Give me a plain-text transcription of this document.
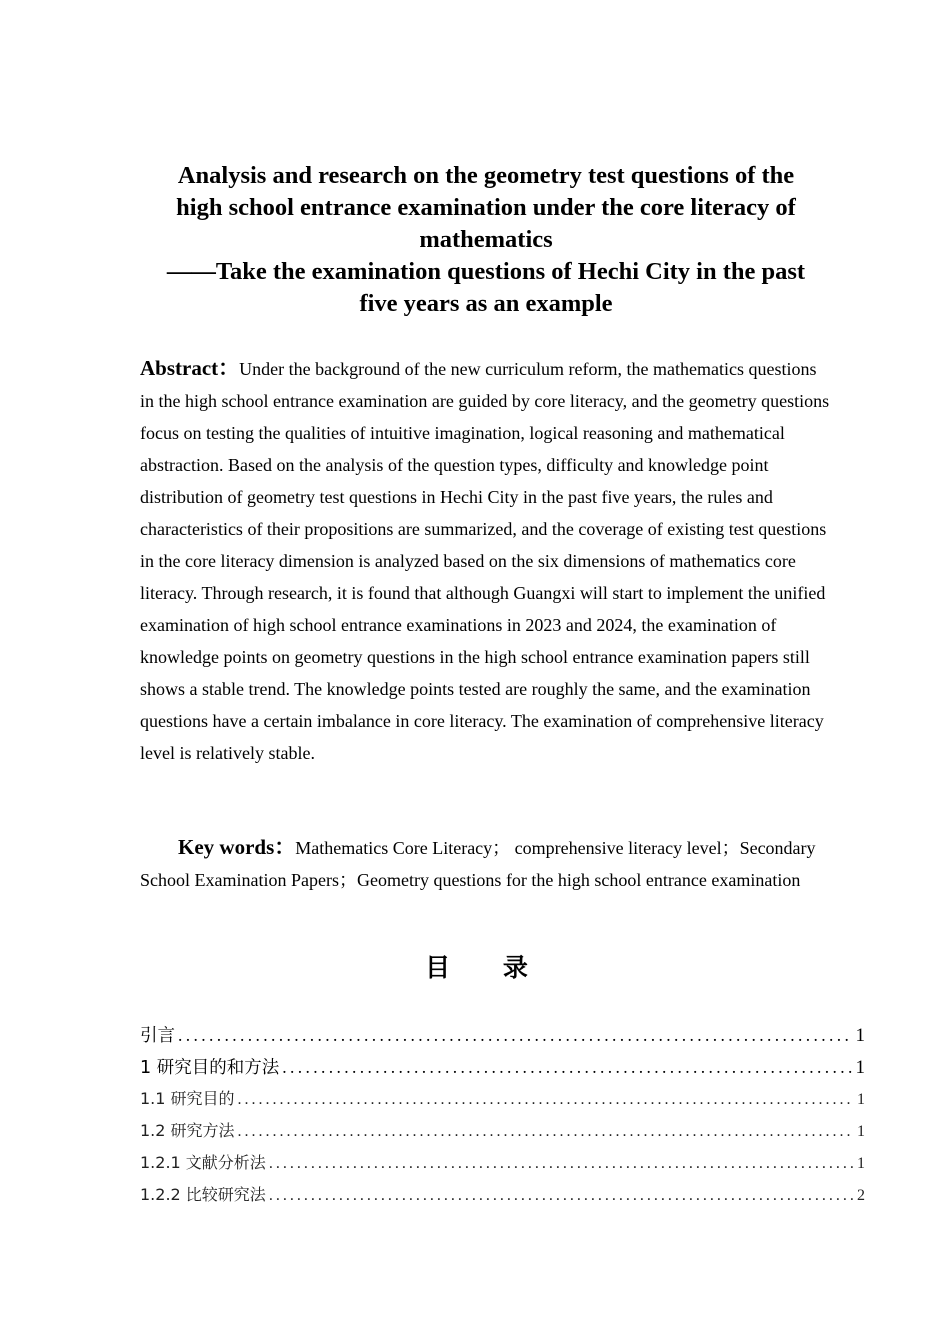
Analysis and research on the geometry test questions of the
high school entrance examination under the core literacy of
mathematics
——Take the examination questions of Hechi City in the past
five years as an example
Abstract：Under the background of the new curriculum reform, the mathematics questions in the high school entrance examination are guided by core literacy, and the geometry questions focus on testing the qualities of intuitive imagination, logical reasoning and mathematical abstraction. Based on the analysis of the question types, difficulty and knowledge point distribution of geometry test questions in Hechi City in the past five years, the rules and characteristics of their propositions are summarized, and the coverage of existing test questions in the core literacy dimension is analyzed based on the six dimensions of mathematics core literacy. Through research, it is found that although Guangxi will start to implement the unified examination of high school entrance examinations in 2023 and 2024, the examination of knowledge points on geometry questions in the high school entrance examination papers still shows a stable trend. The knowledge points tested are roughly the same, and the examination questions have a certain imbalance in core literacy. The examination of comprehensive literacy level is relatively stable.
Key words：Mathematics Core Literacy； comprehensive literacy level；Secondary School Examination Papers；Geometry questions for the high school entrance examination
目 录
引言 . . .	1
1 研究目的和方法 . . .	1
1.1 研究目的 . . .	1
1.2 研究方法 . . .	1
1.2.1 文献分析法 . . .	1
1.2.2 比较研究法 . . .	2
